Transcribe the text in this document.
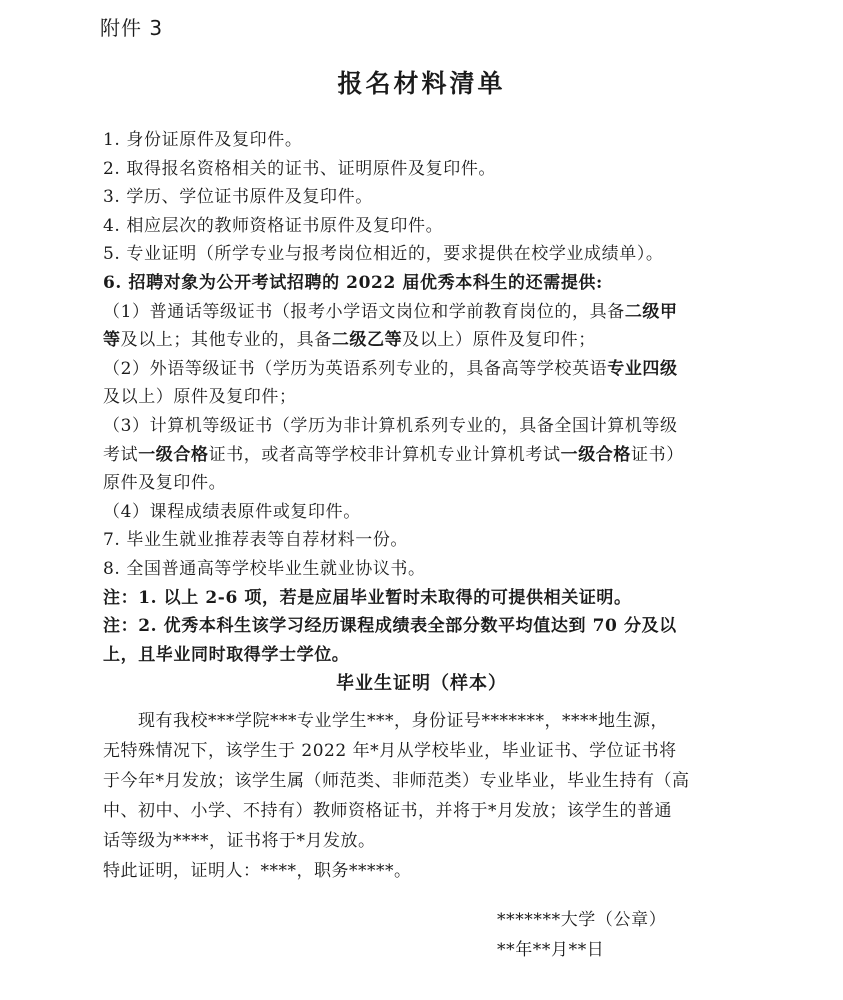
附件 3
报名材料清单
1. 身份证原件及复印件。
2. 取得报名资格相关的证书、证明原件及复印件。
3. 学历、学位证书原件及复印件。
4. 相应层次的教师资格证书原件及复印件。
5. 专业证明（所学专业与报考岗位相近的，要求提供在校学业成绩单）。
6. 招聘对象为公开考试招聘的 2022 届优秀本科生的还需提供:
（1）普通话等级证书（报考小学语文岗位和学前教育岗位的，具备二级甲
等及以上；其他专业的，具备二级乙等及以上）原件及复印件；
（2）外语等级证书（学历为英语系列专业的，具备高等学校英语专业四级
及以上）原件及复印件；
（3）计算机等级证书（学历为非计算机系列专业的，具备全国计算机等级
考试一级合格证书，或者高等学校非计算机专业计算机考试一级合格证书）
原件及复印件。
（4）课程成绩表原件或复印件。
7. 毕业生就业推荐表等自荐材料一份。
8. 全国普通高等学校毕业生就业协议书。
注：1. 以上 2-6 项，若是应届毕业暂时未取得的可提供相关证明。
注：2. 优秀本科生该学习经历课程成绩表全部分数平均值达到 70 分及以
上，且毕业同时取得学士学位。
毕业生证明（样本）
　　现有我校***学院***专业学生***，身份证号*******，****地生源，
无特殊情况下，该学生于 2022 年*月从学校毕业，毕业证书、学位证书将
于今年*月发放；该学生属（师范类、非师范类）专业毕业，毕业生持有（高
中、初中、小学、不持有）教师资格证书，并将于*月发放；该学生的普通
话等级为****，证书将于*月发放。
特此证明，证明人：****，职务*****。
*******大学（公章）
**年**月**日
